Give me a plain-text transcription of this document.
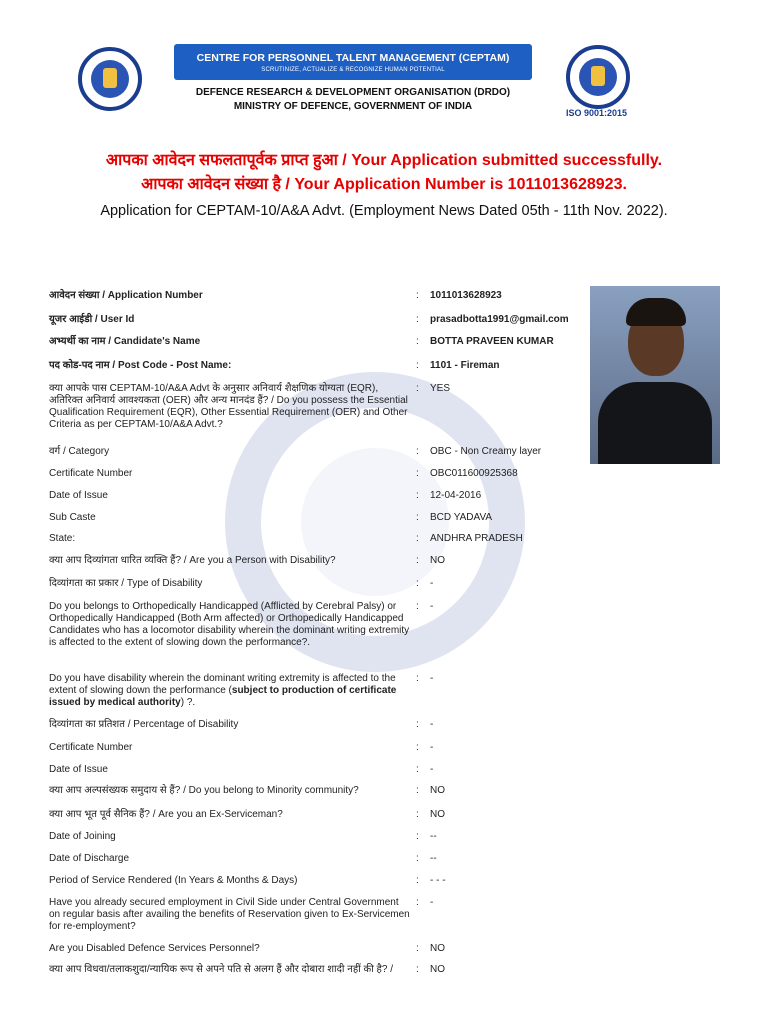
CENTRE FOR PERSONNEL TALENT MANAGEMENT (CEPTAM)
SCRUTINIZE, ACTUALIZE & RECOGNIZE HUMAN POTENTIAL
DEFENCE RESEARCH & DEVELOPMENT ORGANISATION (DRDO)
MINISTRY OF DEFENCE, GOVERNMENT OF INDIA
ISO 9001:2015
आपका आवेदन सफलतापूर्वक प्राप्त हुआ / Your Application submitted successfully.
आपका आवेदन संख्या है / Your Application Number is 1011013628923.
Application for CEPTAM-10/A&A Advt. (Employment News Dated 05th - 11th Nov. 2022).
आवेदन संख्या / Application Number	: 1011013628923
यूजर आईडी / User Id	: prasadbotta1991@gmail.com
अभ्यर्थी का नाम / Candidate's Name	: BOTTA PRAVEEN KUMAR
पद कोड-पद नाम / Post Code - Post Name:	: 1101 - Fireman
क्या आपके पास CEPTAM-10/A&A Advt के अनुसार अनिवार्य शैक्षणिक योग्यता (EQR), अतिरिक्त अनिवार्य आवश्यकता (OER) और अन्य मानदंड हैं? / Do you possess the Essential Qualification Requirement (EQR), Other Essential Requirement (OER) and Other Criteria as per CEPTAM-10/A&A Advt.?
: YES
वर्ग / Category	: OBC - Non Creamy layer
Certificate Number	: OBC011600925368
Date of Issue	: 12-04-2016
Sub Caste	: BCD YADAVA
State:	: ANDHRA PRADESH
क्या आप दिव्यांगता धारित व्यक्ति हैं? / Are you a Person with Disability?	: NO
दिव्यांगता का प्रकार / Type of Disability	: -
Do you belongs to Orthopedically Handicapped (Afflicted by Cerebral Palsy) or Orthopedically Handicapped (Both Arm affected) or Orthopedically Handicapped Candidates who has a locomotor disability wherein the dominant writing extremity is affected to the extent of slowing down the performance?.
: -
Do you have disability wherein the dominant writing extremity is affected to the extent of slowing down the performance (subject to production of certificate issued by medical authority) ?.
: -
दिव्यांगता का प्रतिशत / Percentage of Disability	: -
Certificate Number	: -
Date of Issue	: -
क्या आप अल्पसंख्यक समुदाय से हैं? / Do you belong to Minority community?	: NO
क्या आप भूत पूर्व सैनिक हैं? / Are you an Ex-Serviceman?	: NO
Date of Joining	: --
Date of Discharge	: --
Period of Service Rendered (In Years & Months & Days)	: - - -
Have you already secured employment in Civil Side under Central Government on regular basis after availing the benefits of Reservation given to Ex-Servicemen for re-employment?
: -
Are you Disabled Defence Services Personnel?	: NO
क्या आप विधवा/तलाकशुदा/न्यायिक रूप से अपने पति से अलग हैं और दोबारा शादी नहीं की है? /	: NO
